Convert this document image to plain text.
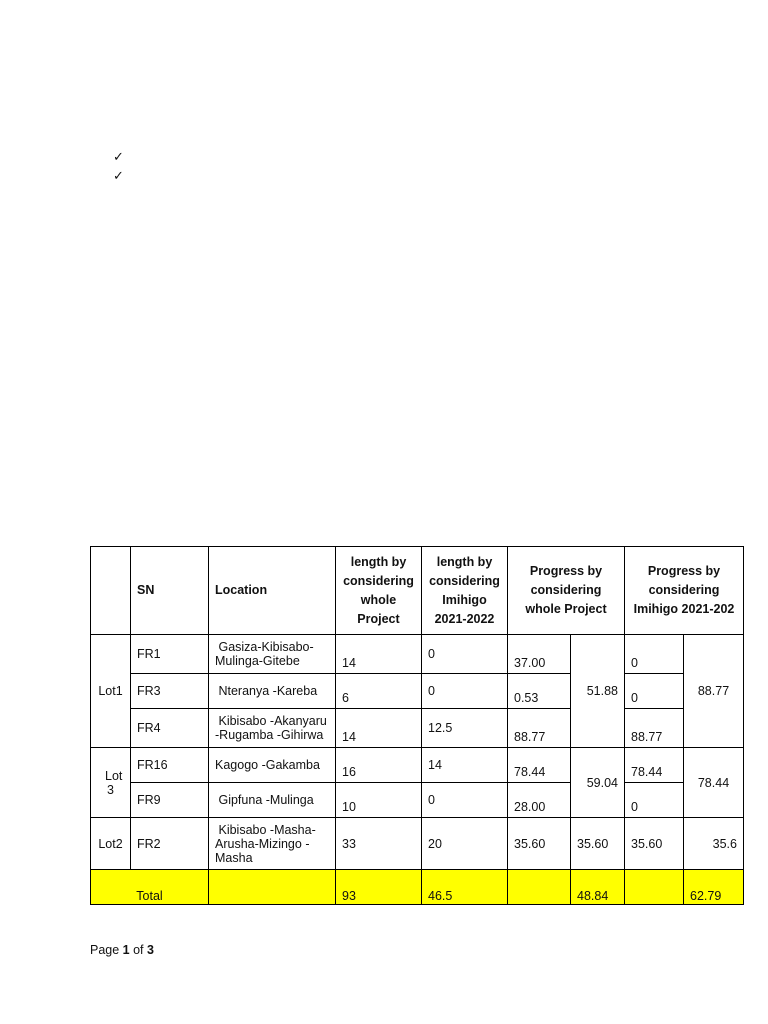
✓
✓
	SN	Location	length by considering whole Project	length by considering Imihigo 2021-2022	Progress by considering whole Project		Progress by considering Imihigo 2021-202	
Lot1	FR1	Gasiza-Kibisabo-Mulinga-Gitebe	14	0	37.00	51.88	0	88.77
	FR3	Nteranya -Kareba	6	0	0.53		0	
	FR4	Kibisabo -Akanyaru -Rugamba -Gihirwa	14	12.5	88.77		88.77	
Lot 3	FR16	Kagogo -Gakamba	16	14	78.44	59.04	78.44	78.44
	FR9	Gipfuna -Mulinga	10	0	28.00		0	
Lot2	FR2	Kibisabo -Masha-Arusha-Mizingo -Masha	33	20	35.60	35.60	35.60	35.6
Total			93	46.5		48.84		62.79
Page 1 of 3
